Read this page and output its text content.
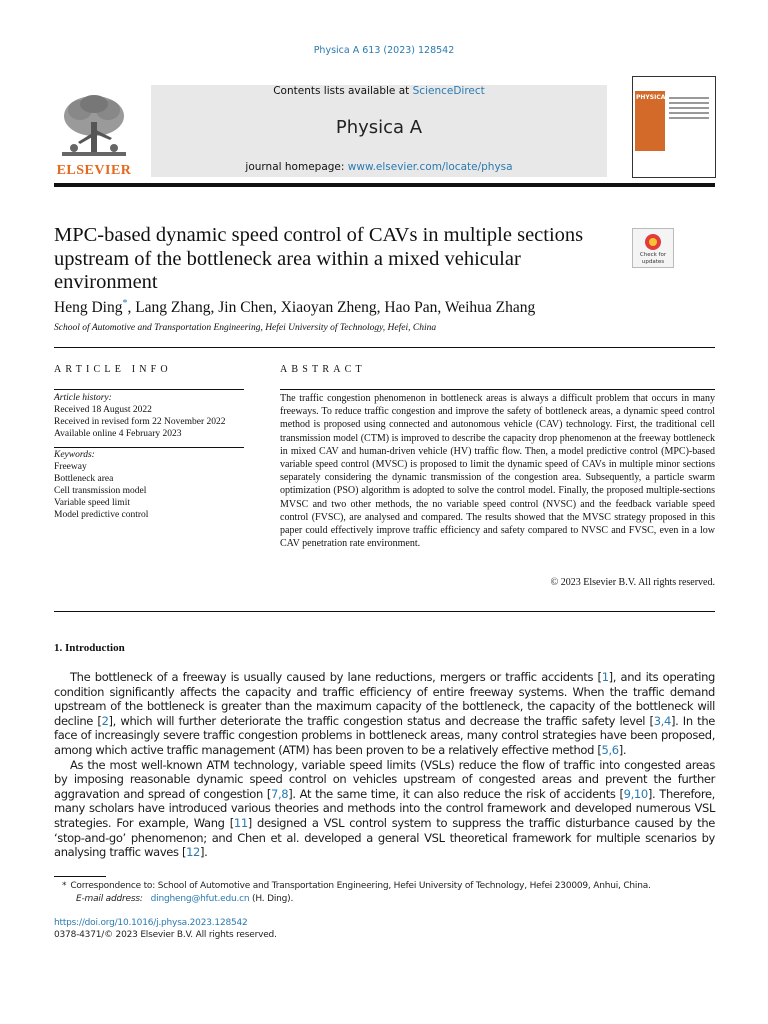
Physica A 613 (2023) 128542
ELSEVIER
Contents lists available at ScienceDirect
Physica A
journal homepage: www.elsevier.com/locate/physa
PHYSICA
MPC-based dynamic speed control of CAVs in multiple sections upstream of the bottleneck area within a mixed vehicular environment
Check for updates
Heng Ding*, Lang Zhang, Jin Chen, Xiaoyan Zheng, Hao Pan, Weihua Zhang
School of Automotive and Transportation Engineering, Hefei University of Technology, Hefei, China
ARTICLE INFO
Article history:
Received 18 August 2022
Received in revised form 22 November 2022
Available online 4 February 2023
Keywords:
Freeway
Bottleneck area
Cell transmission model
Variable speed limit
Model predictive control
ABSTRACT
The traffic congestion phenomenon in bottleneck areas is always a difficult problem that occurs in many freeways. To reduce traffic congestion and improve the safety of bottleneck areas, a dynamic speed control method is proposed using connected and autonomous vehicle (CAV) technology. First, the traditional cell transmission model (CTM) is improved to describe the capacity drop phenomenon at the freeway bottleneck in mixed CAV and human-driven vehicle (HV) traffic flow. Then, a model predictive control (MPC)-based variable speed control (MVSC) is proposed to limit the dynamic speed of CAVs in multiple minor sections separately considering the dynamic transmission of the congestion area. Subsequently, a particle swarm optimization (PSO) algorithm is adopted to solve the control model. Finally, the proposed multiple-sections MVSC and two other methods, the no variable speed control (NVSC) and the feedback variable speed control (FVSC), are analysed and compared. The results showed that the MVSC strategy proposed in this paper could effectively improve traffic efficiency and safety compared to NVSC and FVSC, even in a low CAV penetration rate environment.
© 2023 Elsevier B.V. All rights reserved.
1. Introduction

The bottleneck of a freeway is usually caused by lane reductions, mergers or traffic accidents [1], and its operating condition significantly affects the capacity and traffic efficiency of entire freeway systems. When the traffic demand upstream of the bottleneck is greater than the maximum capacity of the bottleneck, the capacity of the bottleneck will decline [2], which will further deteriorate the traffic congestion status and decrease the traffic safety level [3,4]. In the face of increasingly severe traffic congestion problems in bottleneck areas, many control strategies have been proposed, among which active traffic management (ATM) has been proven to be a relatively effective method [5,6].

As the most well-known ATM technology, variable speed limits (VSLs) reduce the flow of traffic into congested areas by imposing reasonable dynamic speed control on vehicles upstream of congested areas and prevent the further aggravation and spread of congestion [7,8]. At the same time, it can also reduce the risk of accidents [9,10]. Therefore, many scholars have introduced various theories and methods into the control framework and developed numerous VSL strategies. For example, Wang [11] designed a VSL control system to suppress the traffic disturbance caused by the ‘stop-and-go’ phenomenon; and Chen et al. developed a general VSL theoretical framework for multiple scenarios by analysing traffic waves [12].

* Correspondence to: School of Automotive and Transportation Engineering, Hefei University of Technology, Hefei 230009, Anhui, China.
E-mail address: dingheng@hfut.edu.cn (H. Ding).
https://doi.org/10.1016/j.physa.2023.128542
0378-4371/© 2023 Elsevier B.V. All rights reserved.
